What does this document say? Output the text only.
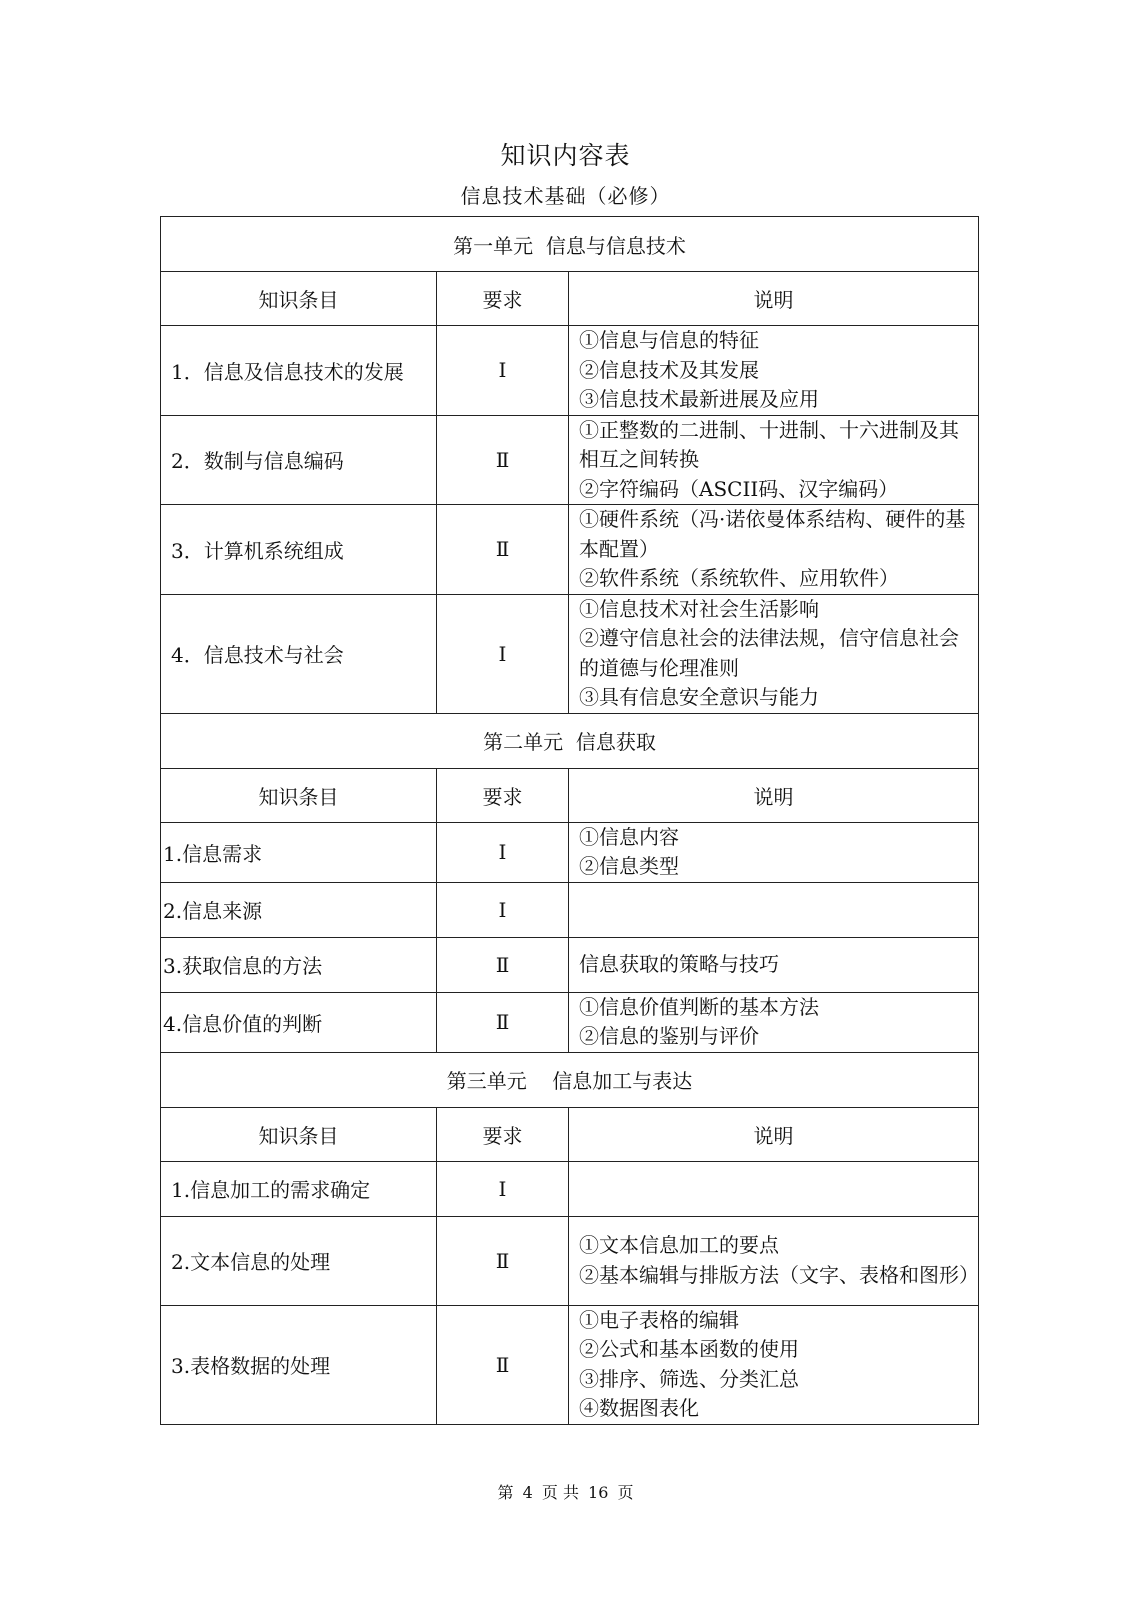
知识内容表
信息技术基础（必修）
第一单元  信息与信息技术		
知识条目	要求	说明
1．信息及信息技术的发展	Ⅰ	①信息与信息的特征
②信息技术及其发展
③信息技术最新进展及应用

2．数制与信息编码	Ⅱ	①正整数的二进制、十进制、十六进制及其相互之间转换
②字符编码（ASCII码、汉字编码）

3．计算机系统组成	Ⅱ	①硬件系统（冯·诺依曼体系结构、硬件的基本配置）
②软件系统（系统软件、应用软件）

4．信息技术与社会	Ⅰ	①信息技术对社会生活影响
②遵守信息社会的法律法规，信守信息社会的道德与伦理准则
③具有信息安全意识与能力

第二单元  信息获取		
知识条目	要求	说明
1.信息需求	Ⅰ	①信息内容
②信息类型

2.信息来源	Ⅰ	
3.获取信息的方法	Ⅱ	信息获取的策略与技巧

4.信息价值的判断	Ⅱ	①信息价值判断的基本方法
②信息的鉴别与评价

第三单元    信息加工与表达		
知识条目	要求	说明
1.信息加工的需求确定	Ⅰ	
2.文本信息的处理	Ⅱ	①文本信息加工的要点
②基本编辑与排版方法（文字、表格和图形）

3.表格数据的处理	Ⅱ	①电子表格的编辑
②公式和基本函数的使用
③排序、筛选、分类汇总
④数据图表化
第 4 页 共 16 页
